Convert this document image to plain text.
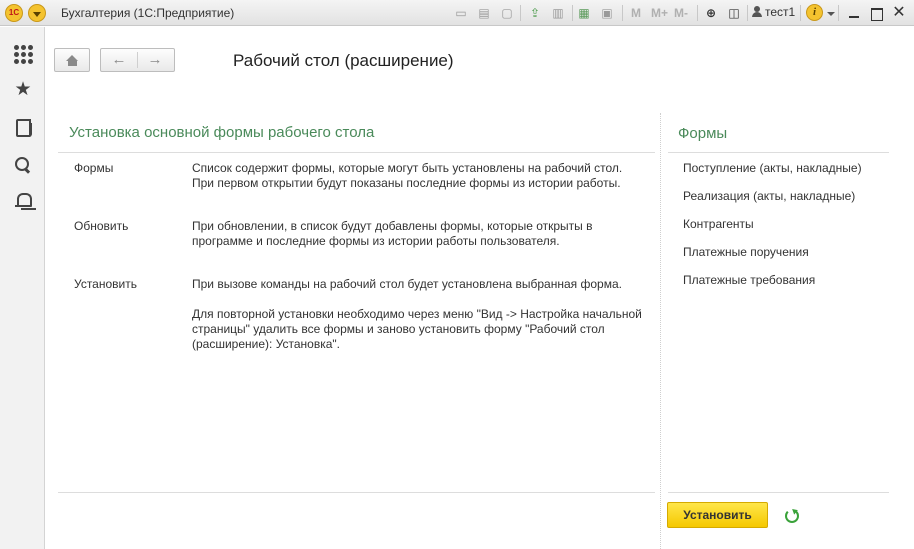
1С	Бухгалтерия (1С:Предприятие)	▭ ▤ ▢ ⇪ ▥ ▦ ▣ M M+ M- ⊕ ◫	тест1	i	✕
★
← →	Рабочий стол (расширение)
Установка основной формы рабочего стола
Формы	Список содержит формы, которые могут быть установлены на рабочий стол. При первом открытии будут показаны последние формы из истории работы.

Обновить	При обновлении, в список будут добавлены формы, которые открыты в программе и последние формы из истории работы пользователя.

Установить	При вызове команды на рабочий стол будет установлена выбранная форма.

Для повторной установки необходимо через меню "Вид -> Настройка начальной страницы" удалить все формы и заново установить форму "Рабочий стол (расширение): Установка".

Формы
Поступление (акты, накладные)
Реализация (акты, накладные)
Контрагенты
Платежные поручения
Платежные требования
Установить
